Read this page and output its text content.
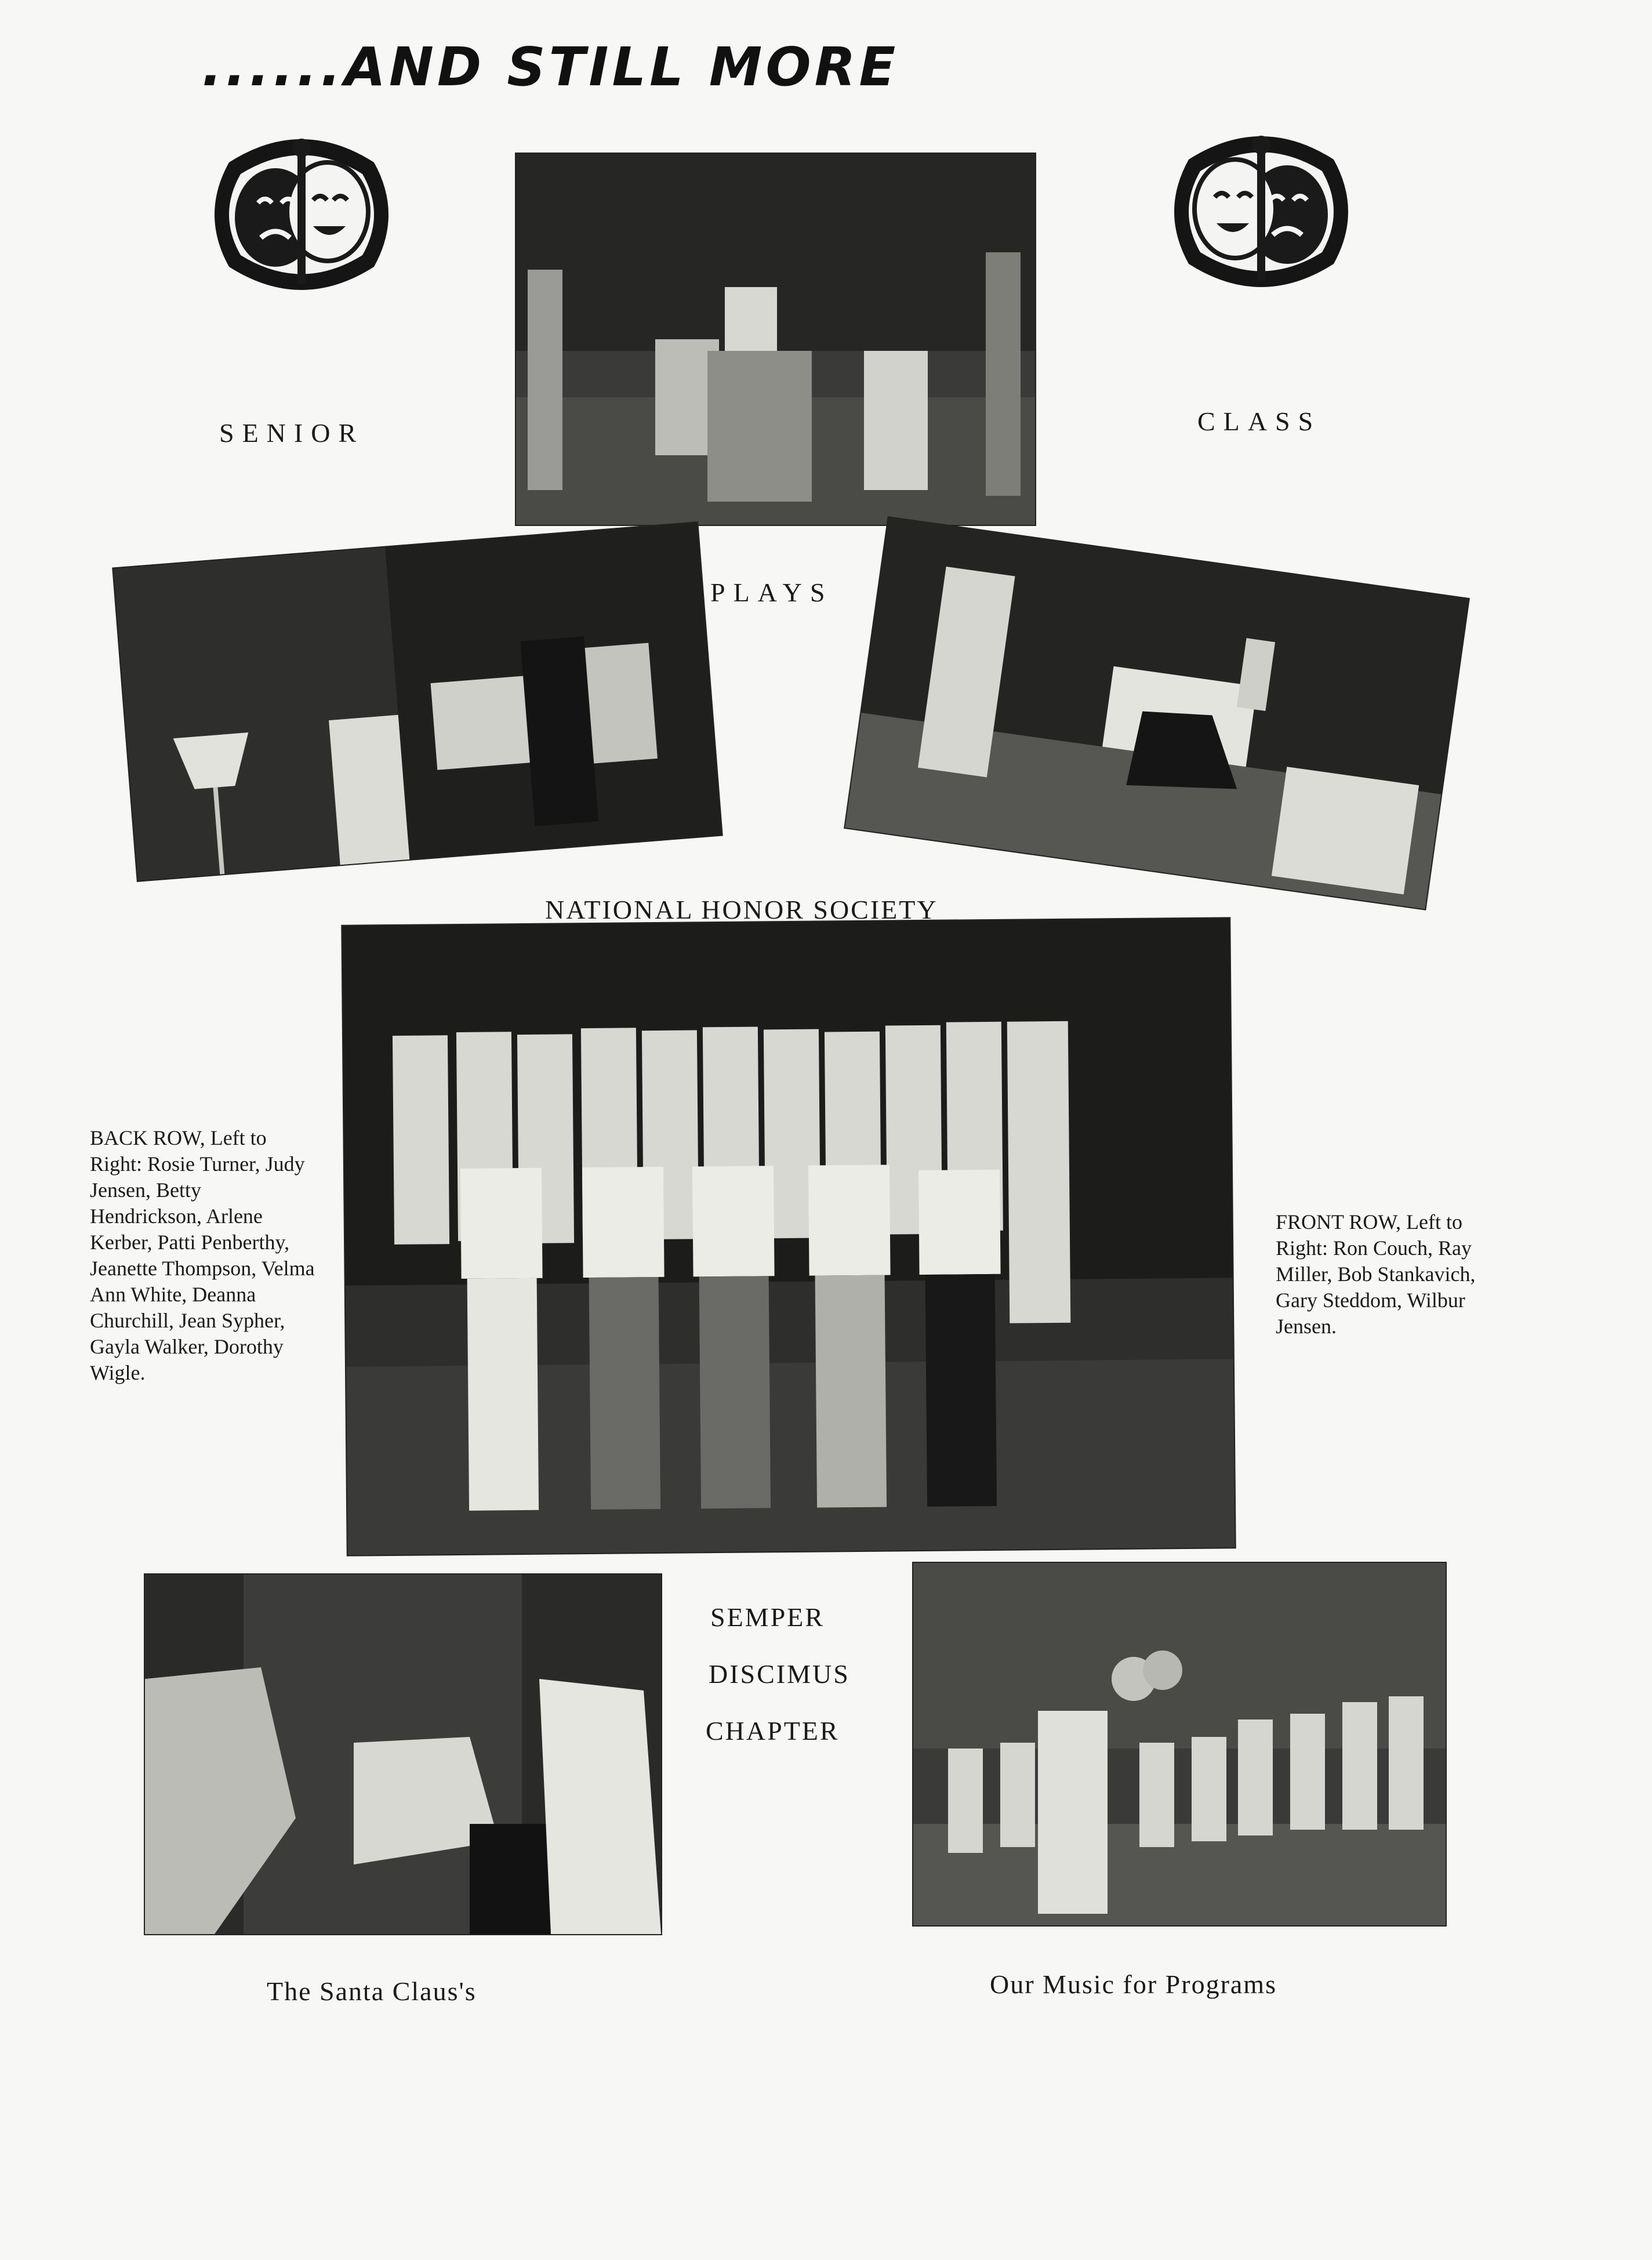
......AND STILL MORE
SENIOR	CLASS
PLAYS
NATIONAL HONOR SOCIETY
BACK ROW, Left to Right: Rosie Turner, Judy Jensen, Betty Hendrickson, Arlene Kerber, Patti Penberthy, Jeanette Thompson, Velma Ann White, Deanna Churchill, Jean Sypher, Gayla Walker, Dorothy Wigle.
FRONT ROW, Left to Right: Ron Couch, Ray Miller, Bob Stankavich, Gary Steddom, Wilbur Jensen.
SEMPER
DISCIMUS
CHAPTER
The Santa Claus's	Our Music for Programs
